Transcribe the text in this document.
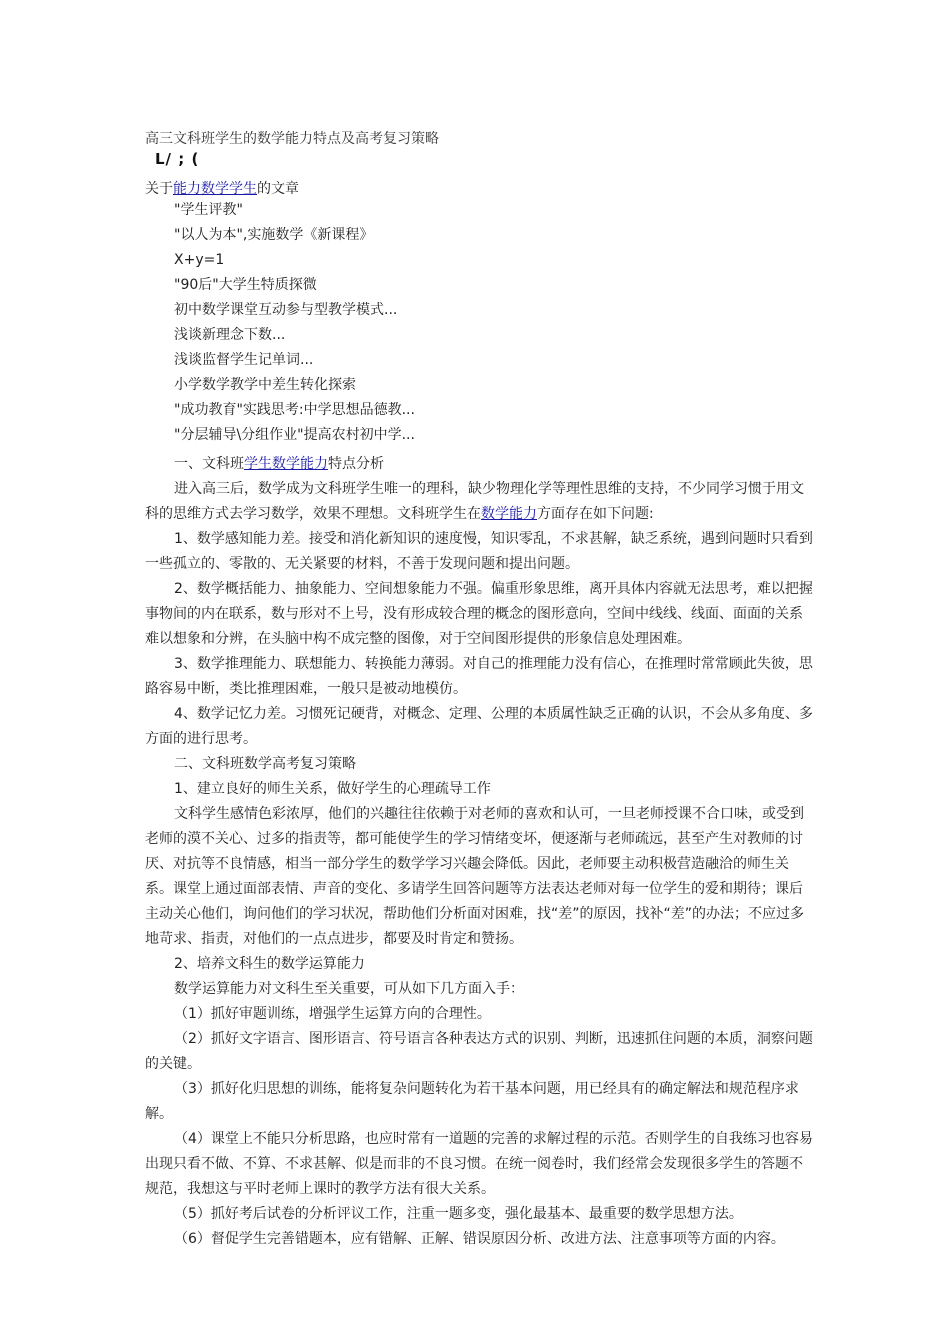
高三文科班学生的数学能力特点及高考复习策略
L/ ; (
关于能力数学学生的文章
"学生评教"
"以人为本",实施数学《新课程》
X+y=1
"90后"大学生特质探微
初中数学课堂互动参与型教学模式...
浅谈新理念下数...
浅谈监督学生记单词...
小学数学教学中差生转化探索
"成功教育"实践思考:中学思想品德教...
"分层辅导\分组作业"提高农村初中学...

一、文科班学生数学能力特点分析

进入高三后，数学成为文科班学生唯一的理科，缺少物理化学等理性思维的支持，不少同学习惯于用文科的思维方式去学习数学，效果不理想。文科班学生在数学能力方面存在如下问题:

1、数学感知能力差。接受和消化新知识的速度慢，知识零乱，不求甚解，缺乏系统，遇到问题时只看到一些孤立的、零散的、无关紧要的材料，不善于发现问题和提出问题。

2、数学概括能力、抽象能力、空间想象能力不强。偏重形象思维，离开具体内容就无法思考，难以把握事物间的内在联系，数与形对不上号，没有形成较合理的概念的图形意向，空间中线线、线面、面面的关系难以想象和分辨，在头脑中构不成完整的图像，对于空间图形提供的形象信息处理困难。

3、数学推理能力、联想能力、转换能力薄弱。对自己的推理能力没有信心，在推理时常常顾此失彼，思路容易中断，类比推理困难，一般只是被动地模仿。

4、数学记忆力差。习惯死记硬背，对概念、定理、公理的本质属性缺乏正确的认识，不会从多角度、多方面的进行思考。

二、文科班数学高考复习策略

1、建立良好的师生关系，做好学生的心理疏导工作

文科学生感情色彩浓厚，他们的兴趣往往依赖于对老师的喜欢和认可，一旦老师授课不合口味，或受到老师的漠不关心、过多的指责等，都可能使学生的学习情绪变坏，便逐渐与老师疏远，甚至产生对教师的讨厌、对抗等不良情感，相当一部分学生的数学学习兴趣会降低。因此，老师要主动积极营造融洽的师生关系。课堂上通过面部表情、声音的变化、多请学生回答问题等方法表达老师对每一位学生的爱和期待；课后主动关心他们，询问他们的学习状况，帮助他们分析面对困难，找“差”的原因，找补“差”的办法；不应过多地苛求、指责，对他们的一点点进步，都要及时肯定和赞扬。

2、培养文科生的数学运算能力

数学运算能力对文科生至关重要，可从如下几方面入手：

（1）抓好审题训练，增强学生运算方向的合理性。

（2）抓好文字语言、图形语言、符号语言各种表达方式的识别、判断，迅速抓住问题的本质，洞察问题的关键。

（3）抓好化归思想的训练，能将复杂问题转化为若干基本问题，用已经具有的确定解法和规范程序求解。

（4）课堂上不能只分析思路，也应时常有一道题的完善的求解过程的示范。否则学生的自我练习也容易出现只看不做、不算、不求甚解、似是而非的不良习惯。在统一阅卷时，我们经常会发现很多学生的答题不规范，我想这与平时老师上课时的教学方法有很大关系。

（5）抓好考后试卷的分析评议工作，注重一题多变，强化最基本、最重要的数学思想方法。

（6）督促学生完善错题本，应有错解、正解、错误原因分析、改进方法、注意事项等方面的内容。
